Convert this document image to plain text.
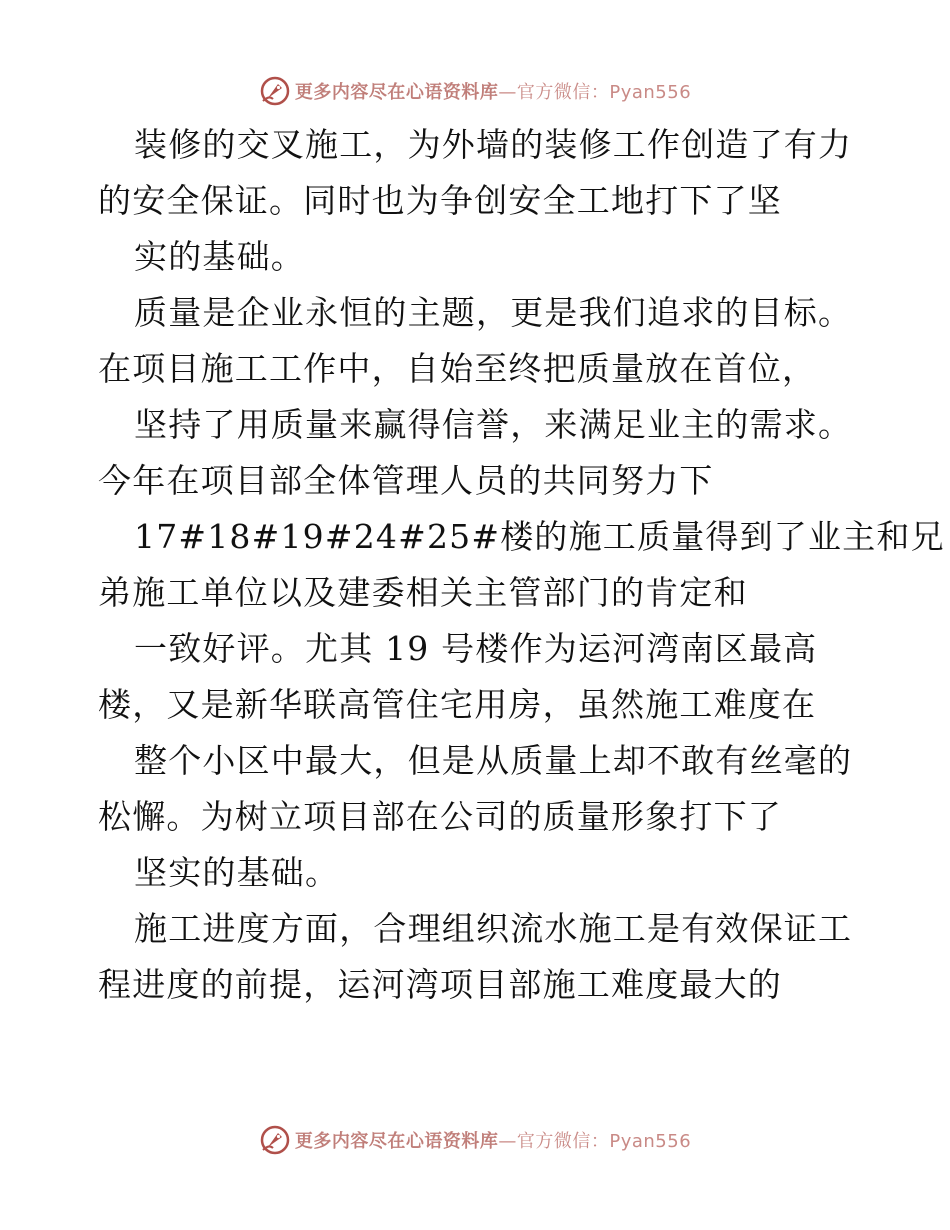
更多内容尽在心语资料库—官方微信：Pyan556
装修的交叉施工，为外墙的装修工作创造了有力
的安全保证。同时也为争创安全工地打下了坚
实的基础。
质量是企业永恒的主题，更是我们追求的目标。
在项目施工工作中，自始至终把质量放在首位，
坚持了用质量来赢得信誉，来满足业主的需求。
今年在项目部全体管理人员的共同努力下
17#18#19#24#25#楼的施工质量得到了业主和兄
弟施工单位以及建委相关主管部门的肯定和
一致好评。尤其 19 号楼作为运河湾南区最高
楼，又是新华联高管住宅用房，虽然施工难度在
整个小区中最大，但是从质量上却不敢有丝毫的
松懈。为树立项目部在公司的质量形象打下了
坚实的基础。
施工进度方面，合理组织流水施工是有效保证工
程进度的前提，运河湾项目部施工难度最大的
更多内容尽在心语资料库—官方微信：Pyan556
